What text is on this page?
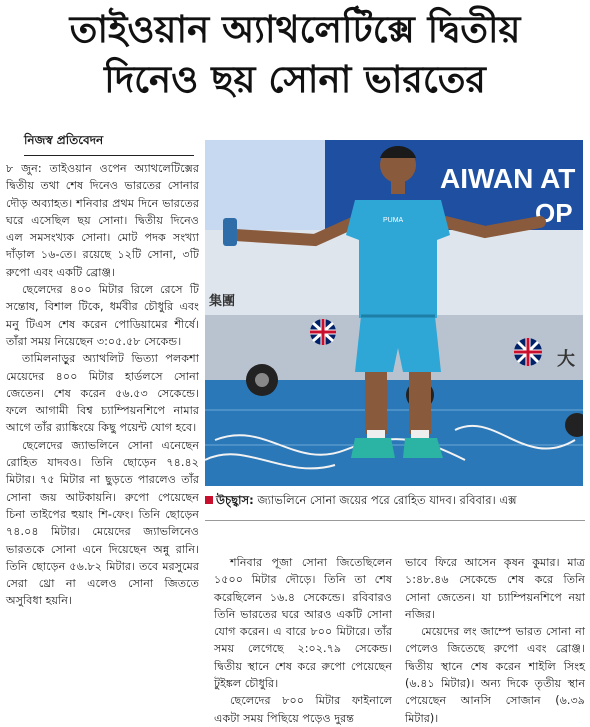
তাইওয়ান অ্যাথলেটিক্সে দ্বিতীয়
দিনেও ছয় সোনা ভারতের
নিজস্ব প্রতিবেদন

৮ জুন: তাইওয়ান ওপেন অ্যাথলেটিক্সের দ্বিতীয় তথা শেষ দিনেও ভারতের সোনার দৌড় অব্যাহত। শনিবার প্রথম দিনে ভারতের ঘরে এসেছিল ছয় সোনা। দ্বিতীয় দিনেও এল সমসংখ্যক সোনা। মোট পদক সংখ্যা দাঁড়াল ১৬-তে। রয়েছে ১২টি সোনা, ৩টি রুপো এবং একটি ব্রোঞ্জ।

ছেলেদের ৪০০ মিটার রিলে রেসে টি সন্তোষ, বিশাল টিকে, ধর্মবীর চৌধুরি এবং মনু টিএস শেষ করেন পোডিয়ামের শীর্ষে। তাঁরা সময় নিয়েছেন ৩:০৫.৫৮ সেকেন্ড।

তামিলনাড়ুর অ্যাথলিট ভিত্যা পলকশা মেয়েদের ৪০০ মিটার হার্ডলসে সোনা জেতেন। শেষ করেন ৫৬.৫৩ সেকেন্ডে। ফলে আগামী বিশ্ব চ্যাম্পিয়নশিপে নামার আগে তাঁর র‍্যাঙ্কিংয়ে কিছু পয়েন্ট যোগ হবে।

ছেলেদের জ্যাভলিনে সোনা এনেছেন রোহিত যাদবও। তিনি ছোড়েন ৭৪.৪২ মিটার। ৭৫ মিটার না ছুড়তে পারলেও তাঁর সোনা জয় আটকায়নি। রুপো পেয়েছেন চিনা তাইপের হুয়াং শি-ফেং। তিনি ছোড়েন ৭৪.০৪ মিটার। মেয়েদের জ্যাভলিনেও ভারতকে সোনা এনে দিয়েছেন অন্নু রানি। তিনি ছোড়েন ৫৬.৮২ মিটার। তবে মরসুমের সেরা থ্রো না এলেও সোনা জিততে অসুবিধা হয়নি।

AIWAN AT
OP
集團
大
PUMA
উচ্ছ্বাস: জ্যাভলিনে সোনা জয়ের পরে রোহিত যাদব। রবিবার। এক্স

শনিবার পূজা সোনা জিতেছিলেন ১৫০০ মিটার দৌড়ে। তিনি তা শেষ করেছিলেন ১৬.৪ সেকেন্ডে। রবিবারও তিনি ভারতের ঘরে আরও একটি সোনা যোগ করেন। এ বারে ৮০০ মিটারে। তাঁর সময় লেগেছে ২:০২.৭৯ সেকেন্ড। দ্বিতীয় স্থানে শেষ করে রুপো পেয়েছেন টুইঙ্কল চৌধুরি।

ছেলেদের ৮০০ মিটার ফাইনালে একটা সময় পিছিয়ে পড়েও দুরন্ত

ভাবে ফিরে আসেন কৃষন কুমার। মাত্র ১:৪৮.৪৬ সেকেন্ডে শেষ করে তিনি সোনা জেতেন। যা চ্যাম্পিয়নশিপে নয়া নজির।

মেয়েদের লং জাম্পে ভারত সোনা না পেলেও জিতেছে রুপো এবং ব্রোঞ্জ। দ্বিতীয় স্থানে শেষ করেন শাইলি সিংহ (৬.৪১ মিটার)। অন্য দিকে তৃতীয় স্থান পেয়েছেন আনসি সোজান (৬.৩৯ মিটার)।
